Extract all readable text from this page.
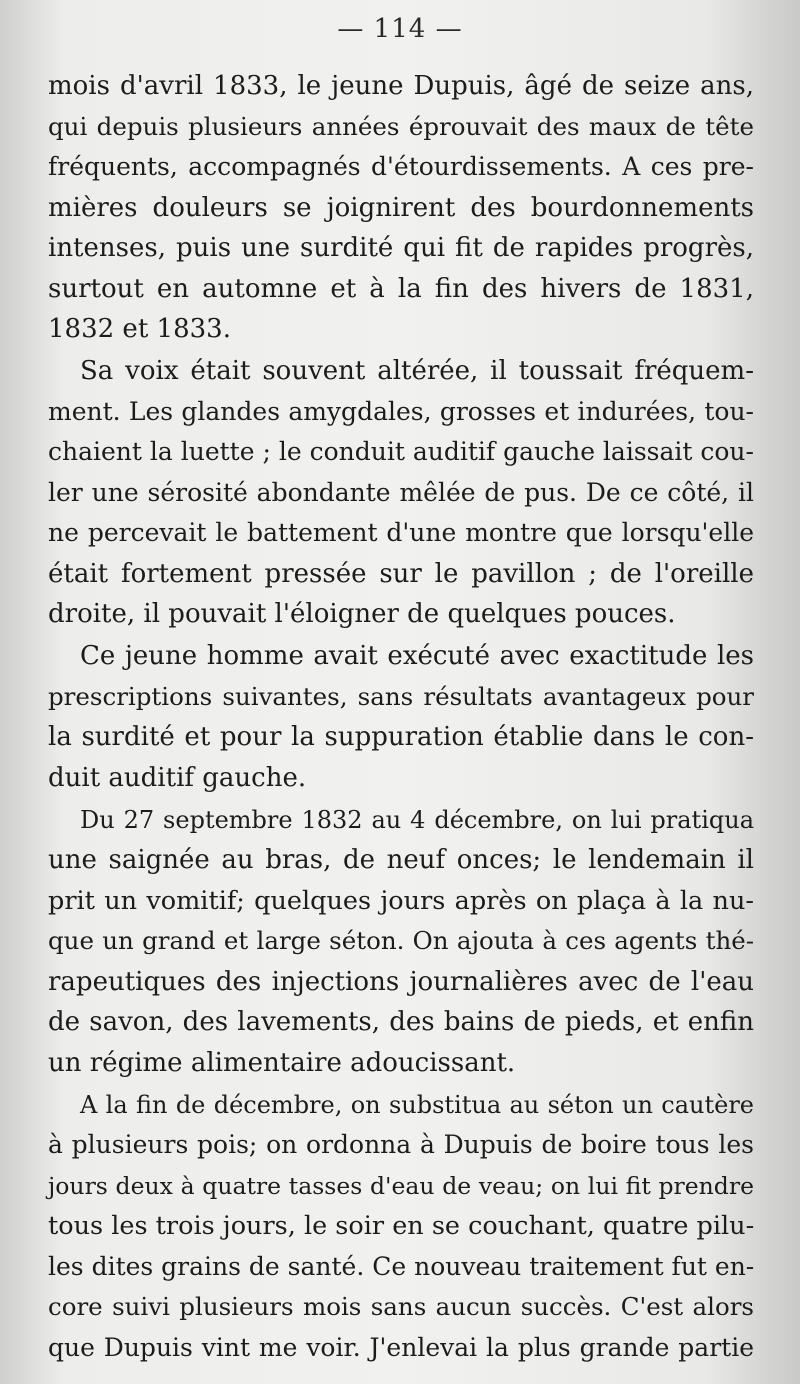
— 114 —
mois d'avril 1833, le jeune Dupuis, âgé de seize ans,
qui depuis plusieurs années éprouvait des maux de tête
fréquents, accompagnés d'étourdissements. A ces pre-
mières douleurs se joignirent des bourdonnements
intenses, puis une surdité qui fit de rapides progrès,
surtout en automne et à la fin des hivers de 1831,
1832 et 1833.
Sa voix était souvent altérée, il toussait fréquem-
ment. Les glandes amygdales, grosses et indurées, tou-
chaient la luette ; le conduit auditif gauche laissait cou-
ler une sérosité abondante mêlée de pus. De ce côté, il
ne percevait le battement d'une montre que lorsqu'elle
était fortement pressée sur le pavillon ; de l'oreille
droite, il pouvait l'éloigner de quelques pouces.
Ce jeune homme avait exécuté avec exactitude les
prescriptions suivantes, sans résultats avantageux pour
la surdité et pour la suppuration établie dans le con-
duit auditif gauche.
Du 27 septembre 1832 au 4 décembre, on lui pratiqua
une saignée au bras, de neuf onces; le lendemain il
prit un vomitif; quelques jours après on plaça à la nu-
que un grand et large séton. On ajouta à ces agents thé-
rapeutiques des injections journalières avec de l'eau
de savon, des lavements, des bains de pieds, et enfin
un régime alimentaire adoucissant.
A la fin de décembre, on substitua au séton un cautère
à plusieurs pois; on ordonna à Dupuis de boire tous les
jours deux à quatre tasses d'eau de veau; on lui fit prendre
tous les trois jours, le soir en se couchant, quatre pilu-
les dites grains de santé. Ce nouveau traitement fut en-
core suivi plusieurs mois sans aucun succès. C'est alors
que Dupuis vint me voir. J'enlevai la plus grande partie
